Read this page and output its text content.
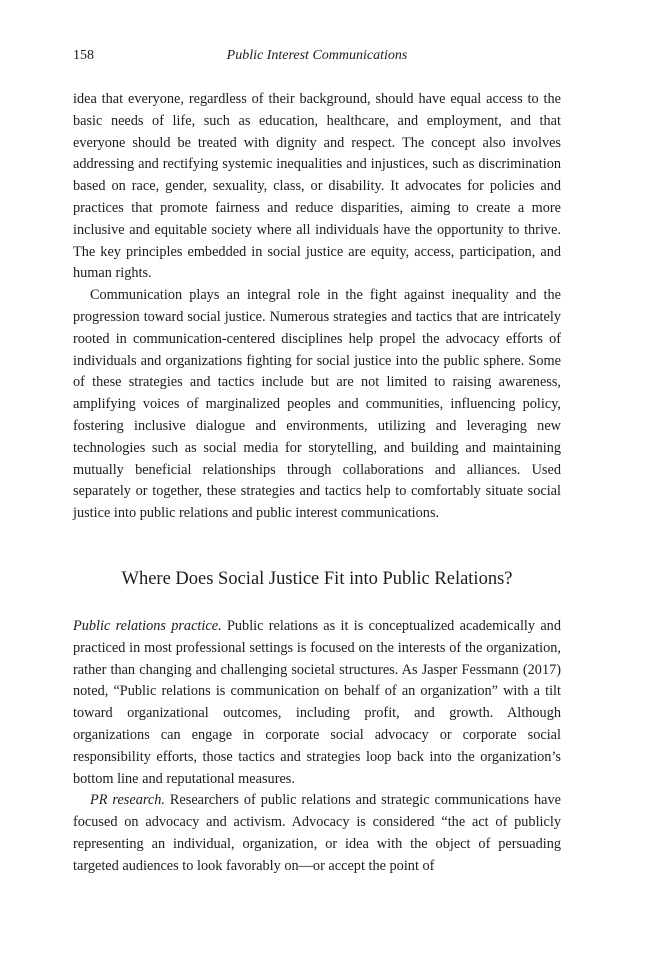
158	Public Interest Communications

idea that everyone, regardless of their background, should have equal access to the basic needs of life, such as education, healthcare, and employment, and that everyone should be treated with dignity and respect. The concept also involves addressing and rectifying systemic inequalities and injustices, such as discrimination based on race, gender, sexuality, class, or disability. It advocates for policies and practices that promote fairness and reduce disparities, aiming to create a more inclusive and equitable society where all individuals have the opportunity to thrive. The key principles embedded in social justice are equity, access, participation, and human rights.

Communication plays an integral role in the fight against inequality and the progression toward social justice. Numerous strategies and tactics that are intricately rooted in communication-centered disciplines help propel the advocacy efforts of individuals and organizations fighting for social justice into the public sphere. Some of these strategies and tactics include but are not limited to raising awareness, amplifying voices of marginalized peoples and communities, influencing policy, fostering inclusive dialogue and environments, utilizing and leveraging new technologies such as social media for storytelling, and building and maintaining mutually beneficial relationships through collaborations and alliances. Used separately or together, these strategies and tactics help to comfortably situate social justice into public relations and public interest communications.

Where Does Social Justice Fit into Public Relations?

Public relations practice. Public relations as it is conceptualized academically and practiced in most professional settings is focused on the interests of the organization, rather than changing and challenging societal structures. As Jasper Fessmann (2017) noted, “Public relations is communication on behalf of an organization” with a tilt toward organizational outcomes, including profit, and growth. Although organizations can engage in corporate social advocacy or corporate social responsibility efforts, those tactics and strategies loop back into the organization’s bottom line and reputational measures.

PR research. Researchers of public relations and strategic communications have focused on advocacy and activism. Advocacy is considered “the act of publicly representing an individual, organization, or idea with the object of persuading targeted audiences to look favorably on—or accept the point of
